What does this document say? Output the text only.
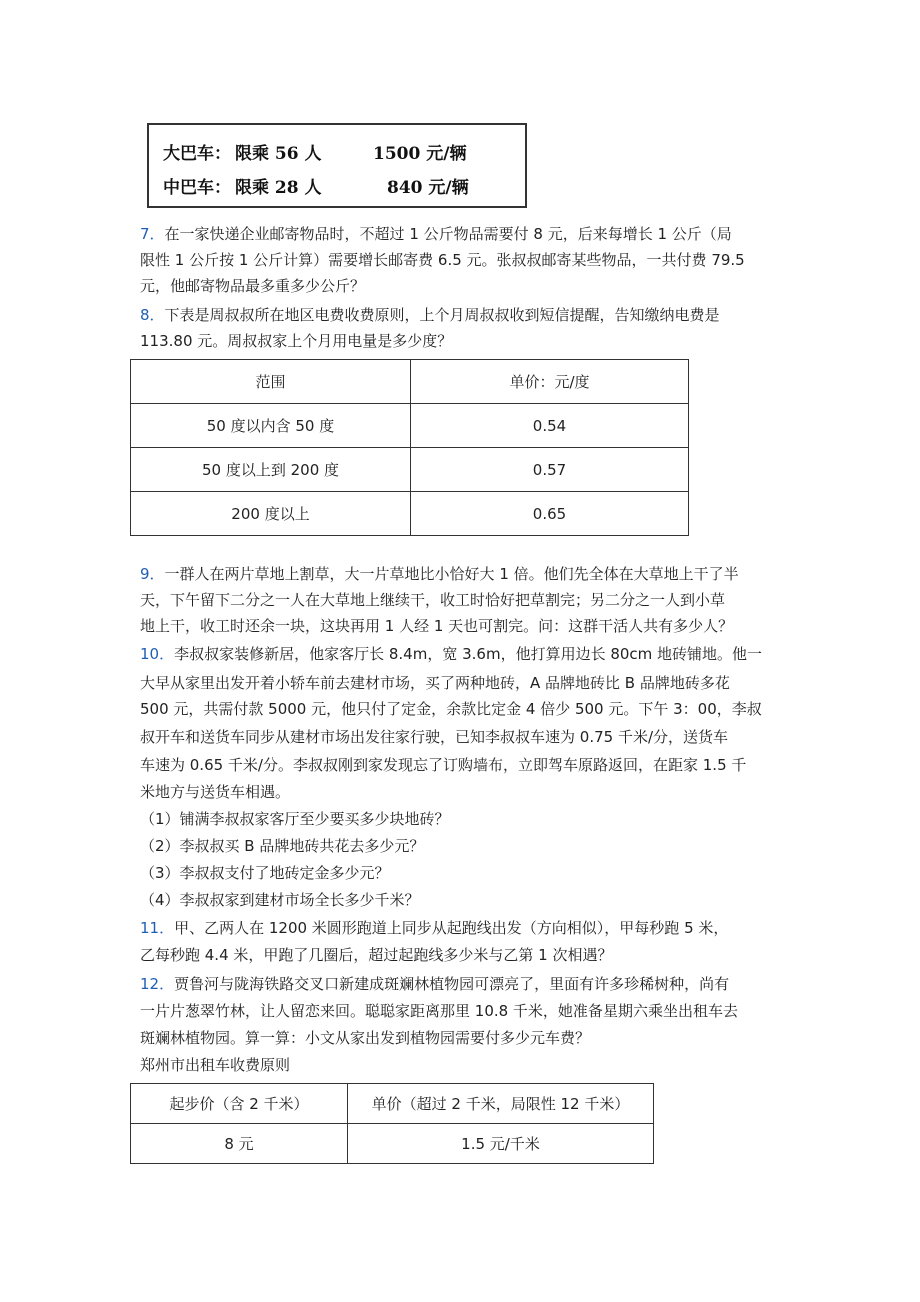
大巴车： 限乘 56 人	1500 元/辆
中巴车： 限乘 28 人	840 元/辆
7．在一家快递企业邮寄物品时，不超过 1 公斤物品需要付 8 元，后来每增长 1 公斤（局
限性 1 公斤按 1 公斤计算）需要增长邮寄费 6.5 元。张叔叔邮寄某些物品，一共付费 79.5
元，他邮寄物品最多重多少公斤？
8．下表是周叔叔所在地区电费收费原则，上个月周叔叔收到短信提醒，告知缴纳电费是
113.80 元。周叔叔家上个月用电量是多少度？
范围	单价：元/度
50 度以内含 50 度	0.54
50 度以上到 200 度	0.57
200 度以上	0.65
9．一群人在两片草地上割草，大一片草地比小恰好大 1 倍。他们先全体在大草地上干了半
天，下午留下二分之一人在大草地上继续干，收工时恰好把草割完；另二分之一人到小草
地上干，收工时还余一块，这块再用 1 人经 1 天也可割完。问：这群干活人共有多少人？
10．李叔叔家装修新居，他家客厅长 8.4m，宽 3.6m，他打算用边长 80cm 地砖铺地。他一
大早从家里出发开着小轿车前去建材市场，买了两种地砖，A 品牌地砖比 B 品牌地砖多花
500 元，共需付款 5000 元，他只付了定金，余款比定金 4 倍少 500 元。下午 3：00，李叔
叔开车和送货车同步从建材市场出发往家行驶，已知李叔叔车速为 0.75 千米/分，送货车
车速为 0.65 千米/分。李叔叔刚到家发现忘了订购墙布，立即驾车原路返回，在距家 1.5 千
米地方与送货车相遇。
（1）铺满李叔叔家客厅至少要买多少块地砖？
（2）李叔叔买 B 品牌地砖共花去多少元？
（3）李叔叔支付了地砖定金多少元？
（4）李叔叔家到建材市场全长多少千米？
11．甲、乙两人在 1200 米圆形跑道上同步从起跑线出发（方向相似），甲每秒跑 5 米，
乙每秒跑 4.4 米，甲跑了几圈后，超过起跑线多少米与乙第 1 次相遇？
12．贾鲁河与陇海铁路交叉口新建成斑斓林植物园可漂亮了，里面有许多珍稀树种，尚有
一片片葱翠竹林，让人留恋来回。聪聪家距离那里 10.8 千米，她准备星期六乘坐出租车去
斑斓林植物园。算一算：小文从家出发到植物园需要付多少元车费？
郑州市出租车收费原则
起步价（含 2 千米）	单价（超过 2 千米，局限性 12 千米）
8 元	1.5 元/千米
